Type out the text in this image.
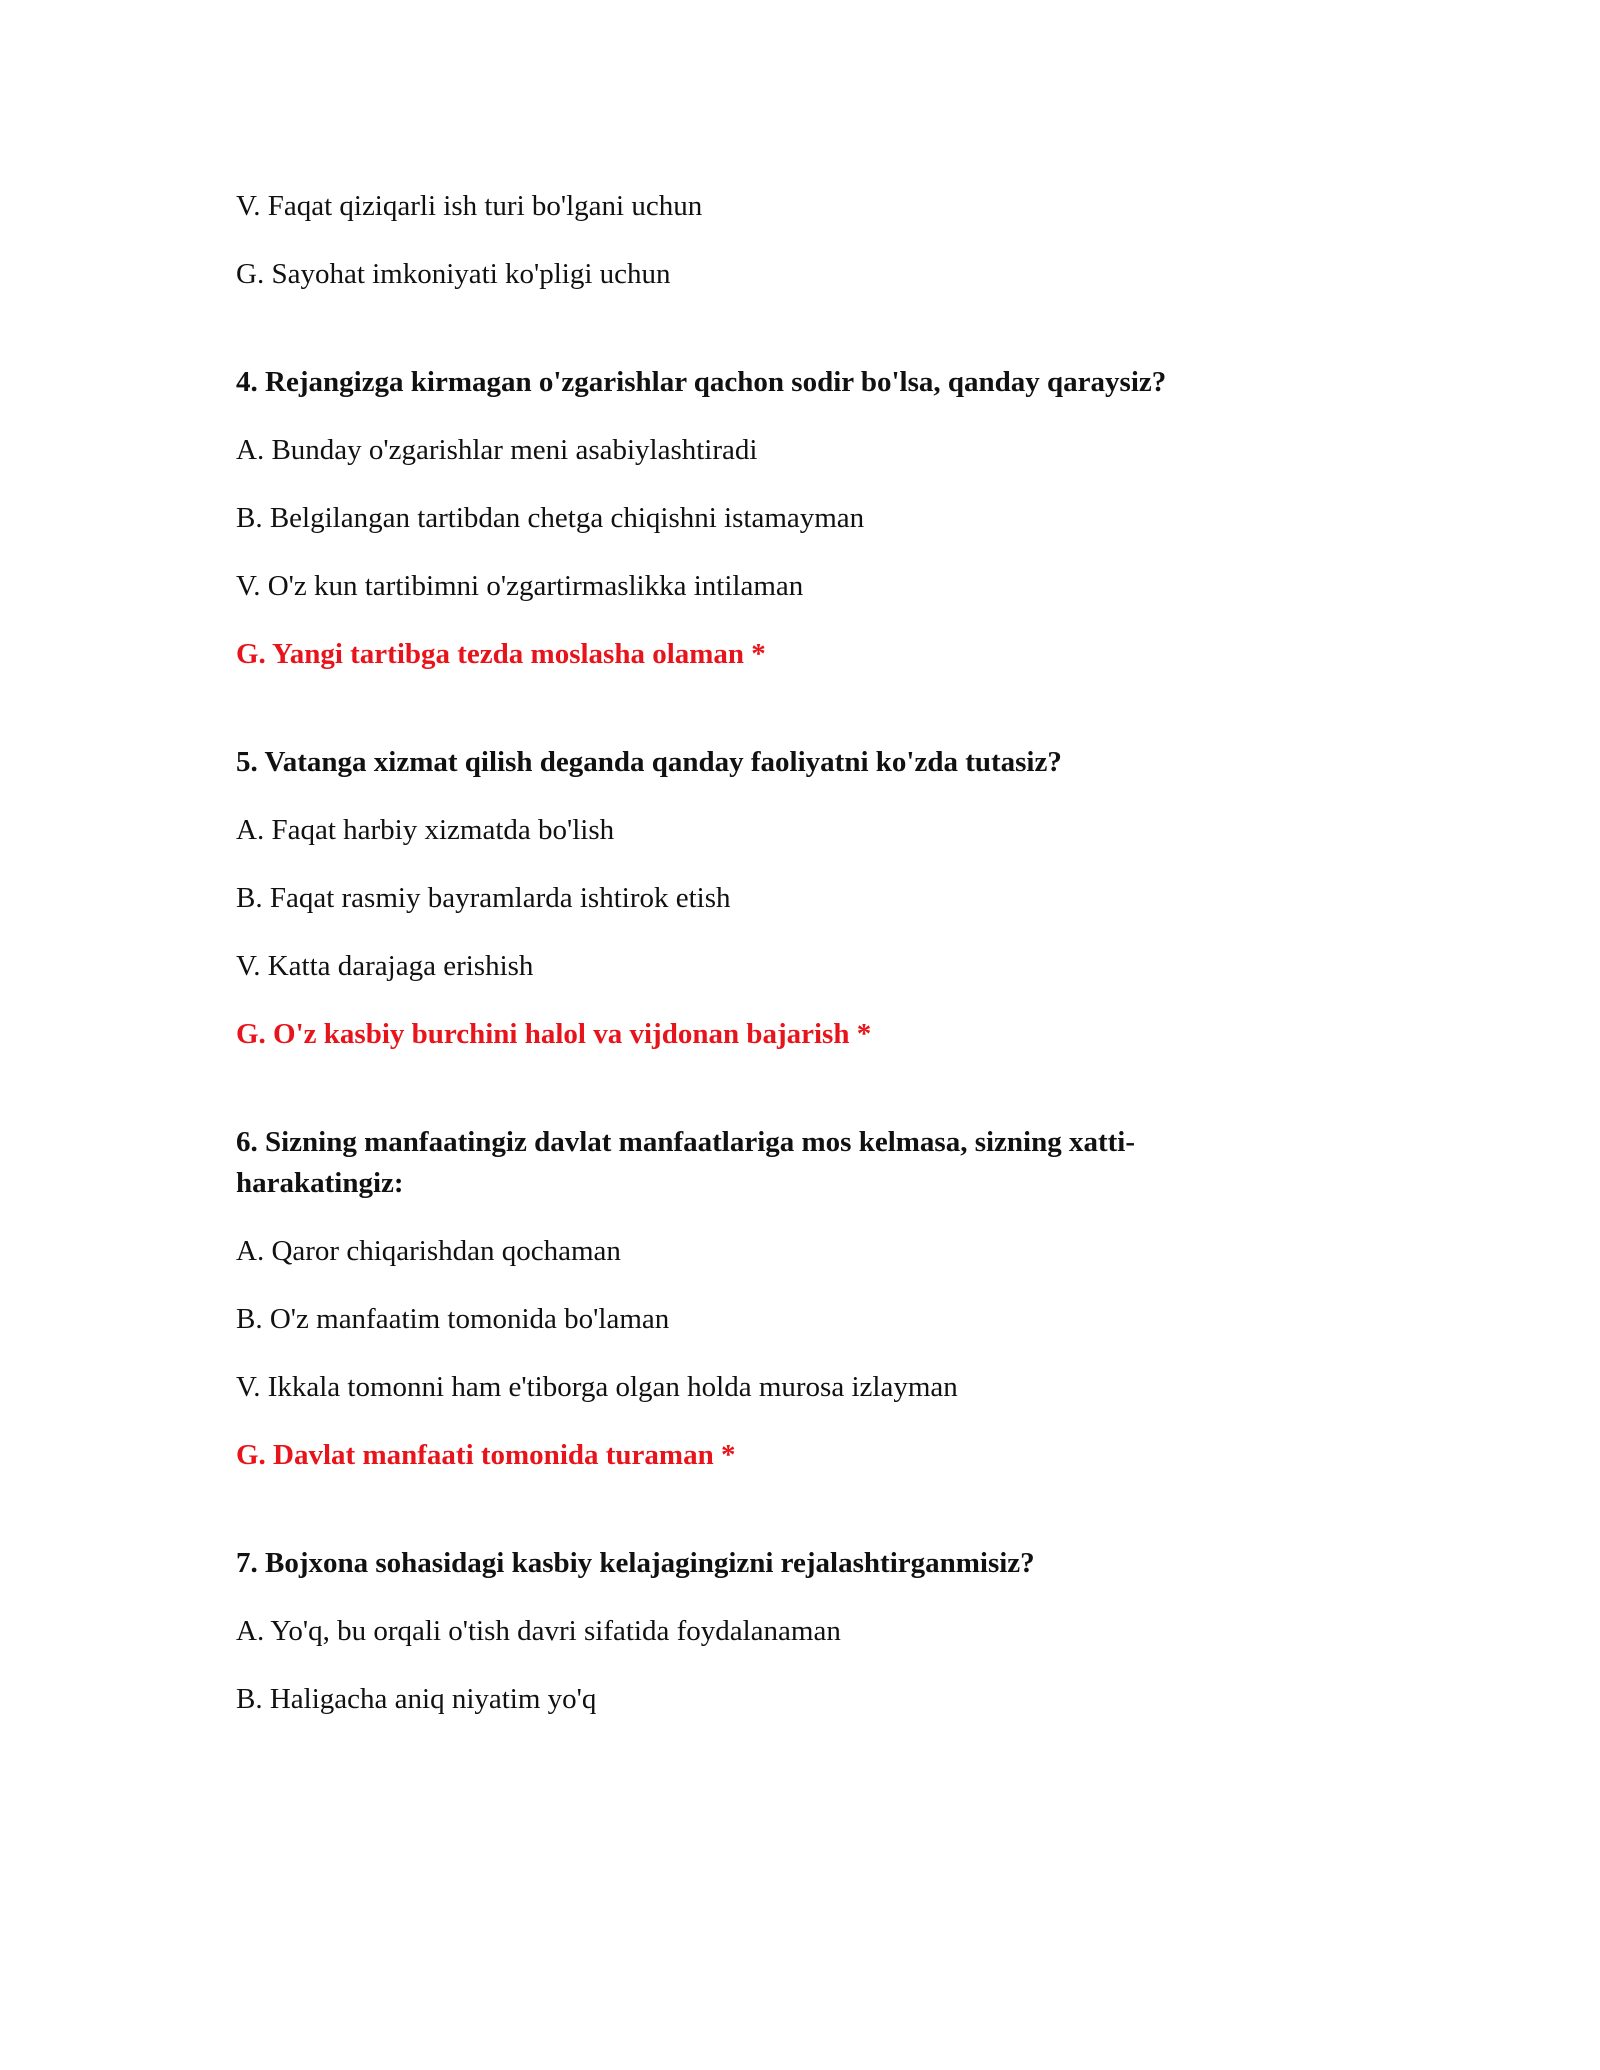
V. Faqat qiziqarli ish turi bo'lgani uchun
G. Sayohat imkoniyati ko'pligi uchun
4. Rejangizga kirmagan o'zgarishlar qachon sodir bo'lsa, qanday qaraysiz?
A. Bunday o'zgarishlar meni asabiylashtiradi
B. Belgilangan tartibdan chetga chiqishni istamayman
V. O'z kun tartibimni o'zgartirmaslikka intilaman
G. Yangi tartibga tezda moslasha olaman *
5. Vatanga xizmat qilish deganda qanday faoliyatni ko'zda tutasiz?
A. Faqat harbiy xizmatda bo'lish
B. Faqat rasmiy bayramlarda ishtirok etish
V. Katta darajaga erishish
G. O'z kasbiy burchini halol va vijdonan bajarish *
6. Sizning manfaatingiz davlat manfaatlariga mos kelmasa, sizning xatti-harakatingiz:
A. Qaror chiqarishdan qochaman
B. O'z manfaatim tomonida bo'laman
V. Ikkala tomonni ham e'tiborga olgan holda murosa izlayman
G. Davlat manfaati tomonida turaman *
7. Bojxona sohasidagi kasbiy kelajagingizni rejalashtirganmisiz?
A. Yo'q, bu orqali o'tish davri sifatida foydalanaman
B. Haligacha aniq niyatim yo'q
